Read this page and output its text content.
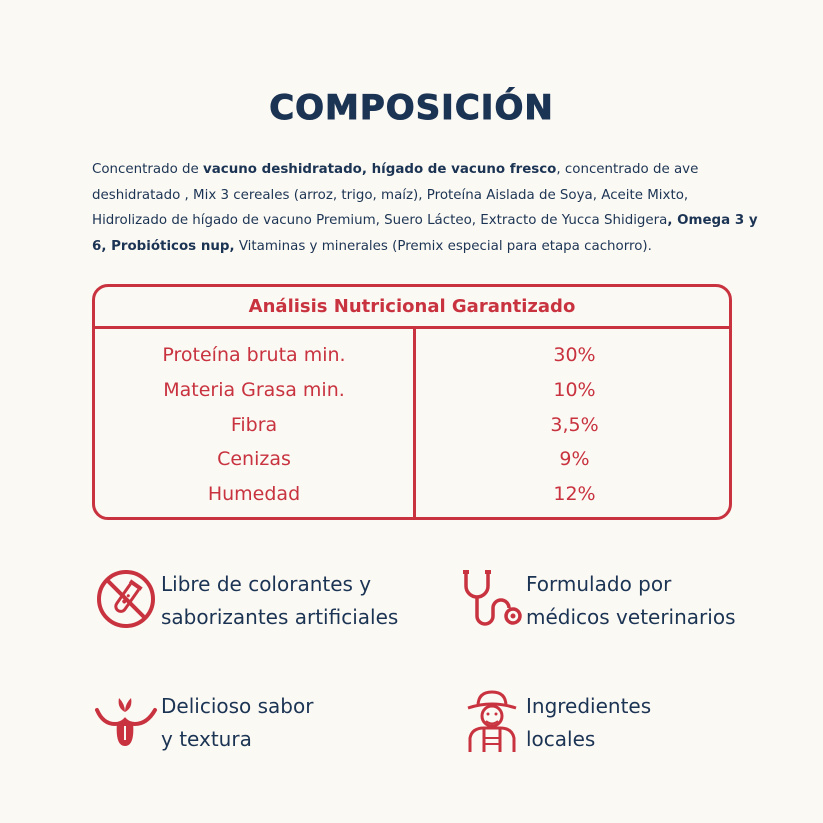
COMPOSICIÓN
Concentrado de vacuno deshidratado, hígado de vacuno fresco, concentrado de ave deshidratado , Mix 3 cereales (arroz, trigo, maíz), Proteína Aislada de Soya, Aceite Mixto, Hidrolizado de hígado de vacuno Premium, Suero Lácteo, Extracto de Yucca Shidigera, Omega 3 y 6, Probióticos nup, Vitaminas y minerales (Premix especial para etapa cachorro).
Análisis Nutricional Garantizado
Proteína bruta min.	30%
Materia Grasa min.	10%
Fibra	3,5%
Cenizas	9%
Humedad	12%
Libre de colorantes y
saborizantes artificiales
Formulado por
médicos veterinarios
Delicioso sabor
y textura
Ingredientes
locales
